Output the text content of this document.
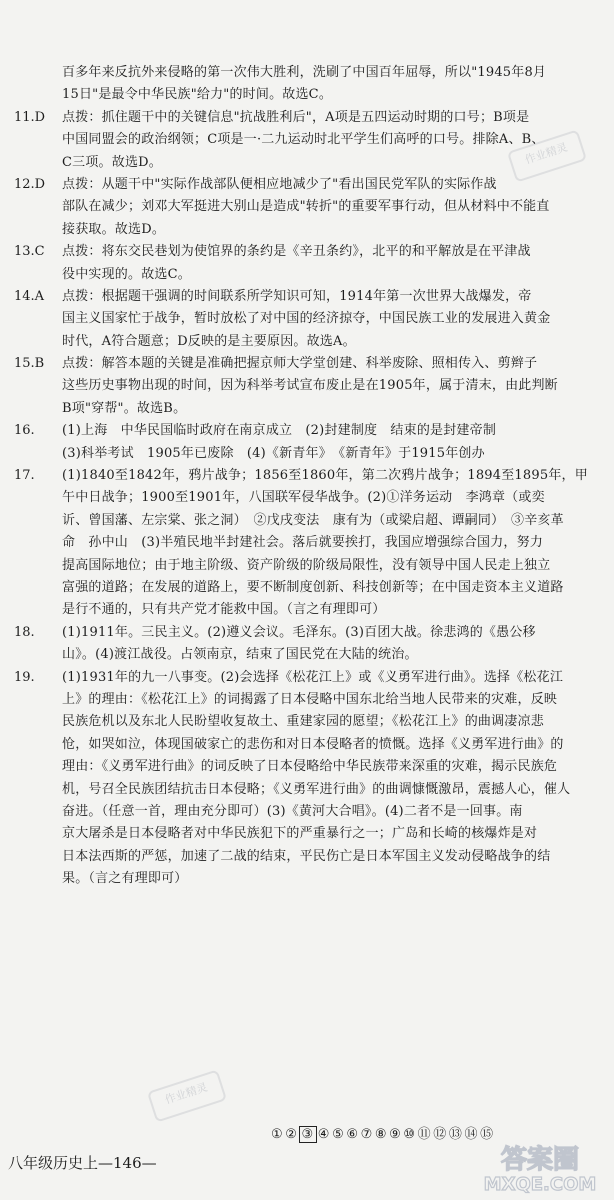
百多年来反抗外来侵略的第一次伟大胜利，洗刷了中国百年屈辱，所以"1945年8月
15日"是最令中华民族"给力"的时间。故选C。
11.D	点拨：抓住题干中的关键信息"抗战胜利后"，A项是五四运动时期的口号；B项是
中国同盟会的政治纲领；C项是一·二九运动时北平学生们高呼的口号。排除A、B、
C三项。故选D。
12.D	点拨：从题干中"实际作战部队便相应地减少了"看出国民党军队的实际作战
部队在减少；刘邓大军挺进大别山是造成"转折"的重要军事行动，但从材料中不能直
接获取。故选D。
13.C	点拨：将东交民巷划为使馆界的条约是《辛丑条约》，北平的和平解放是在平津战
役中实现的。故选C。
14.A	点拨：根据题干强调的时间联系所学知识可知，1914年第一次世界大战爆发，帝
国主义国家忙于战争，暂时放松了对中国的经济掠夺，中国民族工业的发展进入黄金
时代，A符合题意；D反映的是主要原因。故选A。
15.B	点拨：解答本题的关键是准确把握京师大学堂创建、科举废除、照相传入、剪辫子
这些历史事物出现的时间，因为科举考试宣布废止是在1905年，属于清末，由此判断
B项"穿帮"。故选B。
16.	(1)上海　中华民国临时政府在南京成立　(2)封建制度　结束的是封建帝制
(3)科举考试　1905年已废除　(4)《新青年》　《新青年》于1915年创办
17.	(1)1840至1842年，鸦片战争；1856至1860年，第二次鸦片战争；1894至1895年，甲
午中日战争；1900至1901年，八国联军侵华战争。(2)①洋务运动　李鸿章（或奕
䜣、曾国藩、左宗棠、张之洞）　②戊戌变法　康有为（或梁启超、谭嗣同）　③辛亥革
命　孙中山　(3)半殖民地半封建社会。落后就要挨打，我国应增强综合国力，努力
提高国际地位；由于地主阶级、资产阶级的阶级局限性，没有领导中国人民走上独立
富强的道路；在发展的道路上，要不断制度创新、科技创新等；在中国走资本主义道路
是行不通的，只有共产党才能救中国。（言之有理即可）
18.	(1)1911年。三民主义。(2)遵义会议。毛泽东。(3)百团大战。徐悲鸿的《愚公移
山》。(4)渡江战役。占领南京，结束了国民党在大陆的统治。
19.	(1)1931年的九一八事变。(2)会选择《松花江上》或《义勇军进行曲》。选择《松花江
上》的理由：《松花江上》的词揭露了日本侵略中国东北给当地人民带来的灾难，反映
民族危机以及东北人民盼望收复故土、重建家园的愿望；《松花江上》的曲调凄凉悲
怆，如哭如泣，体现国破家亡的悲伤和对日本侵略者的愤慨。选择《义勇军进行曲》的
理由：《义勇军进行曲》的词反映了日本侵略给中华民族带来深重的灾难，揭示民族危
机，号召全民族团结抗击日本侵略；《义勇军进行曲》的曲调慷慨激昂，震撼人心，催人
奋进。（任意一首，理由充分即可）(3)《黄河大合唱》。(4)二者不是一回事。南
京大屠杀是日本侵略者对中华民族犯下的严重暴行之一；广岛和长崎的核爆炸是对
日本法西斯的严惩，加速了二战的结束，平民伤亡是日本军国主义发动侵略战争的结
果。（言之有理即可）
① ② ③ ④ ⑤ ⑥ ⑦ ⑧ ⑨ ⑩ ⑪ ⑫ ⑬ ⑭ ⑮
八年级历史上—146—
作业精灵
作业精灵
答案圈
MXQE.COM
